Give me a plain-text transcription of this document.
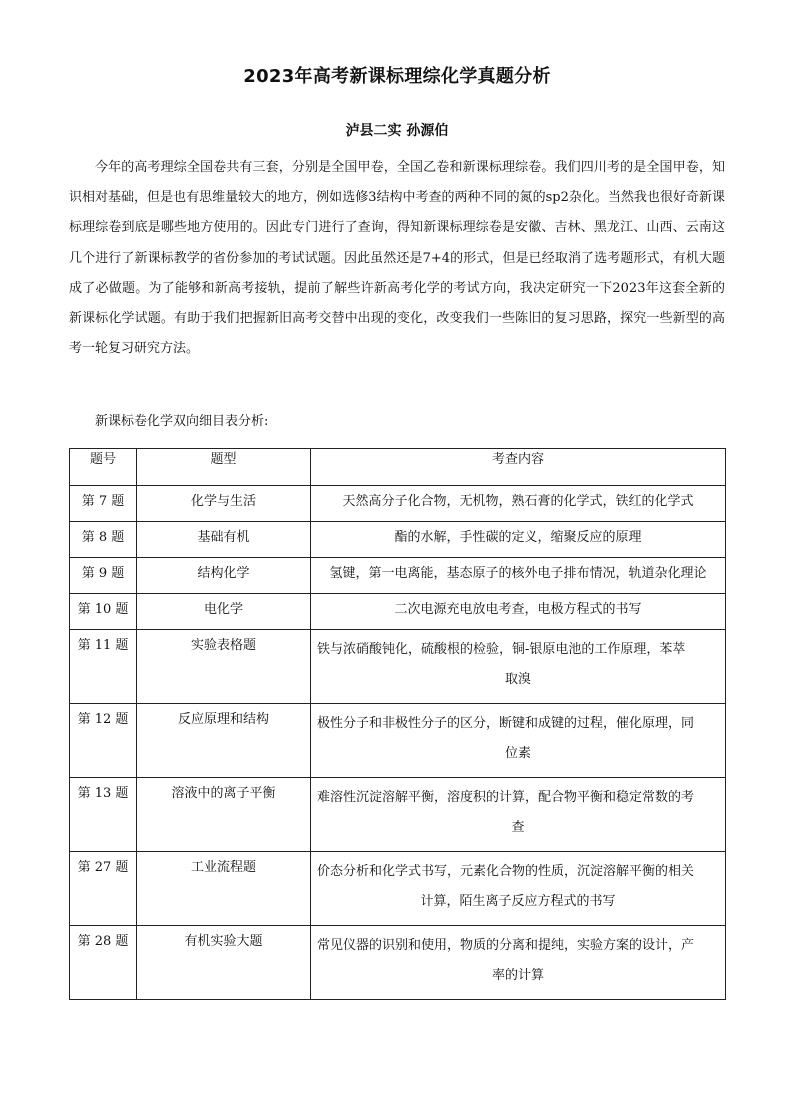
2023年高考新课标理综化学真题分析
泸县二实 孙源伯

今年的高考理综全国卷共有三套，分别是全国甲卷，全国乙卷和新课标理综卷。我们四川考的是全国甲卷，知识相对基础，但是也有思维量较大的地方，例如选修3结构中考查的两种不同的氮的sp2杂化。当然我也很好奇新课标理综卷到底是哪些地方使用的。因此专门进行了查询，得知新课标理综卷是安徽、吉林、黑龙江、山西、云南这几个进行了新课标教学的省份参加的考试试题。因此虽然还是7+4的形式，但是已经取消了选考题形式，有机大题成了必做题。为了能够和新高考接轨，提前了解些许新高考化学的考试方向，我决定研究一下2023年这套全新的新课标化学试题。有助于我们把握新旧高考交替中出现的变化，改变我们一些陈旧的复习思路，探究一些新型的高考一轮复习研究方法。

新课标卷化学双向细目表分析:

题号	题型	考查内容
第 7 题	化学与生活	天然高分子化合物，无机物，熟石膏的化学式，铁红的化学式
第 8 题	基础有机	酯的水解，手性碳的定义，缩聚反应的原理
第 9 题	结构化学	氢键，第一电离能，基态原子的核外电子排布情况，轨道杂化理论
第 10 题	电化学	二次电源充电放电考查，电极方程式的书写
第 11 题	实验表格题	铁与浓硝酸钝化，硫酸根的检验，铜-银原电池的工作原理，苯萃
取溴

第 12 题	反应原理和结构	极性分子和非极性分子的区分，断键和成键的过程，催化原理，同
位素

第 13 题	溶液中的离子平衡	难溶性沉淀溶解平衡，溶度积的计算，配合物平衡和稳定常数的考
查

第 27 题	工业流程题	价态分析和化学式书写，元素化合物的性质，沉淀溶解平衡的相关
计算，陌生离子反应方程式的书写

第 28 题	有机实验大题	常见仪器的识别和使用，物质的分离和提纯，实验方案的设计，产
率的计算
